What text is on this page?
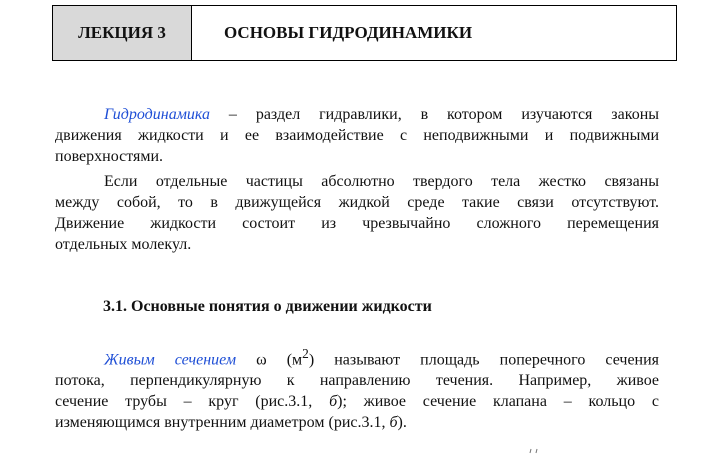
ЛЕКЦИЯ 3	ОСНОВЫ ГИДРОДИНАМИКИ
Гидродинамика – раздел гидравлики, в котором изучаются законы
движения жидкости и ее взаимодействие с неподвижными и подвижными
поверхностями.
Если отдельные частицы абсолютно твердого тела жестко связаны
между собой, то в движущейся жидкой среде такие связи отсутствуют.
Движение жидкости состоит из чрезвычайно сложного перемещения
отдельных молекул.
3.1. Основные понятия о движении жидкости
Живым сечением ω $(м^2)$ называют площадь поперечного сечения
потока, перпендикулярную к направлению течения. Например, живое
сечение трубы – круг (рис.3.1, б); живое сечение клапана – кольцо с
изменяющимся внутренним диаметром (рис.3.1, б).
